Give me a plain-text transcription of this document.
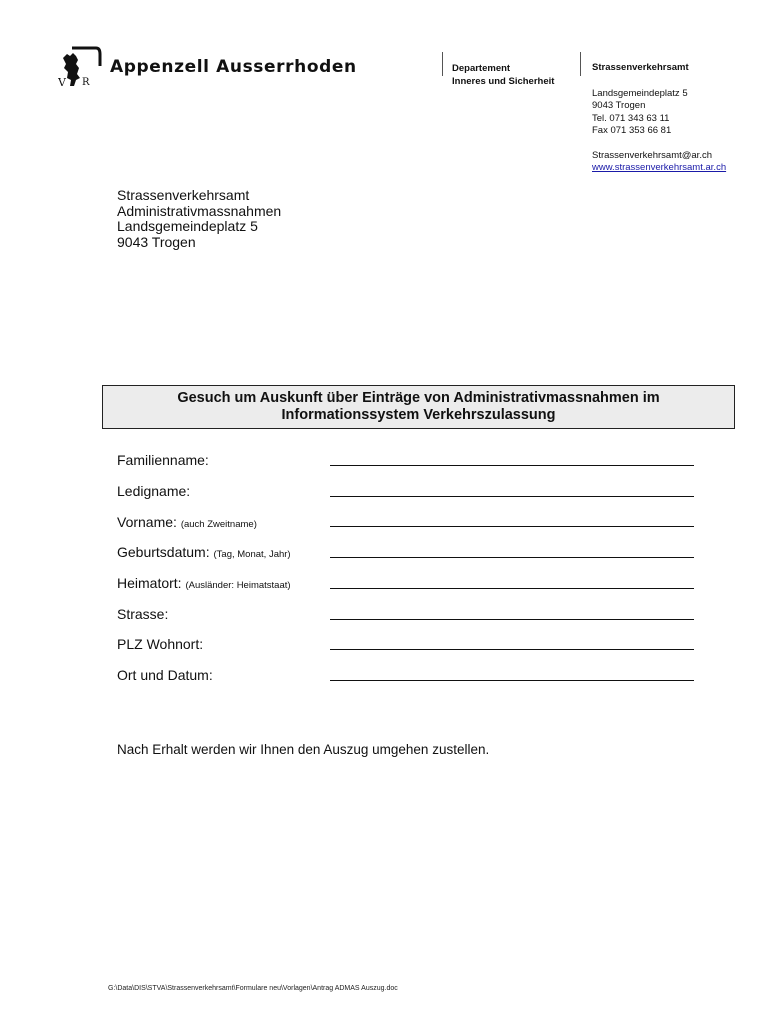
V R
Appenzell Ausserrhoden	Departement
Inneres und Sicherheit
Strassenverkehrsamt
Landsgemeindeplatz 5
9043 Trogen
Tel. 071 343 63 11
Fax 071 353 66 81
Strassenverkehrsamt@ar.ch
www.strassenverkehrsamt.ar.ch
Strassenverkehrsamt
Administrativmassnahmen
Landsgemeindeplatz 5
9043 Trogen
Gesuch um Auskunft über Einträge von Administrativmassnahmen im
Informationssystem Verkehrszulassung
Familienname:
Ledigname:
Vorname: (auch Zweitname)
Geburtsdatum: (Tag, Monat, Jahr)
Heimatort: (Ausländer: Heimatstaat)
Strasse:
PLZ Wohnort:
Ort und Datum:
Nach Erhalt werden wir Ihnen den Auszug umgehen zustellen.
G:\Data\DIS\STVA\Strassenverkehrsamt\Formulare neu\Vorlagen\Antrag ADMAS Auszug.doc
